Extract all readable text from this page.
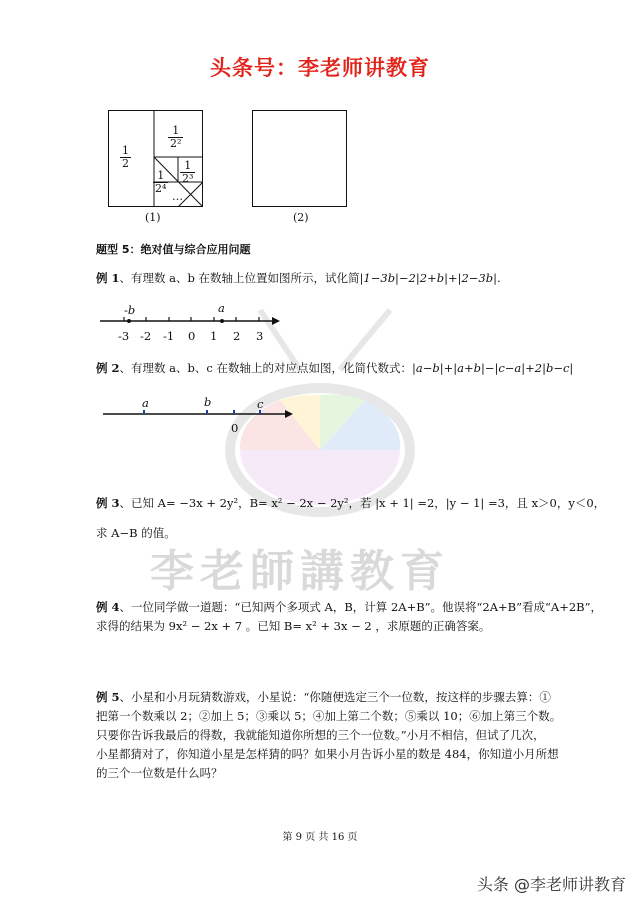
头条号：李老师讲教育
$\frac{1}{2}$
$\frac{1}{\text{2²}}$
$\frac{1}{\text{2³}}$
$\frac{1}{\text{2⁴}}$
…
(1)	(2)
题型 5：绝对值与综合应用问题
例 1、有理数 a、b 在数轴上位置如图所示，试化简|1−3b|−2|2+b|+|2−3b|.
-b	a
-3 -2 -1 0 1 2 3
例 2、有理数 a、b、c 在数轴上的对应点如图，化简代数式：|a−b|+|a+b|−|c−a|+2|b−c|
a	b	c
0
例 3、已知 A= −3x + 2y²，B= x² − 2x − 2y²，若 |x + 1| =2，|y − 1| =3，且 x＞0，y＜0，
求 A−B 的值。
李老師講教育
例 4、一位同学做一道题：“已知两个多项式 A，B，计算 2A+B”。他误将“2A+B”看成“A+2B”，
求得的结果为 9x² − 2x + 7 。已知 B= x² + 3x − 2 ，求原题的正确答案。
例 5、小星和小月玩猜数游戏，小星说：“你随便选定三个一位数，按这样的步骤去算：①
把第一个数乘以 2；②加上 5；③乘以 5；④加上第二个数；⑤乘以 10；⑥加上第三个数。
只要你告诉我最后的得数，我就能知道你所想的三个一位数。”小月不相信，但试了几次，
小星都猜对了，你知道小星是怎样猜的吗？如果小月告诉小星的数是 484，你知道小月所想
的三个一位数是什么吗？
第 9 页 共 16 页
头条 @李老师讲教育
